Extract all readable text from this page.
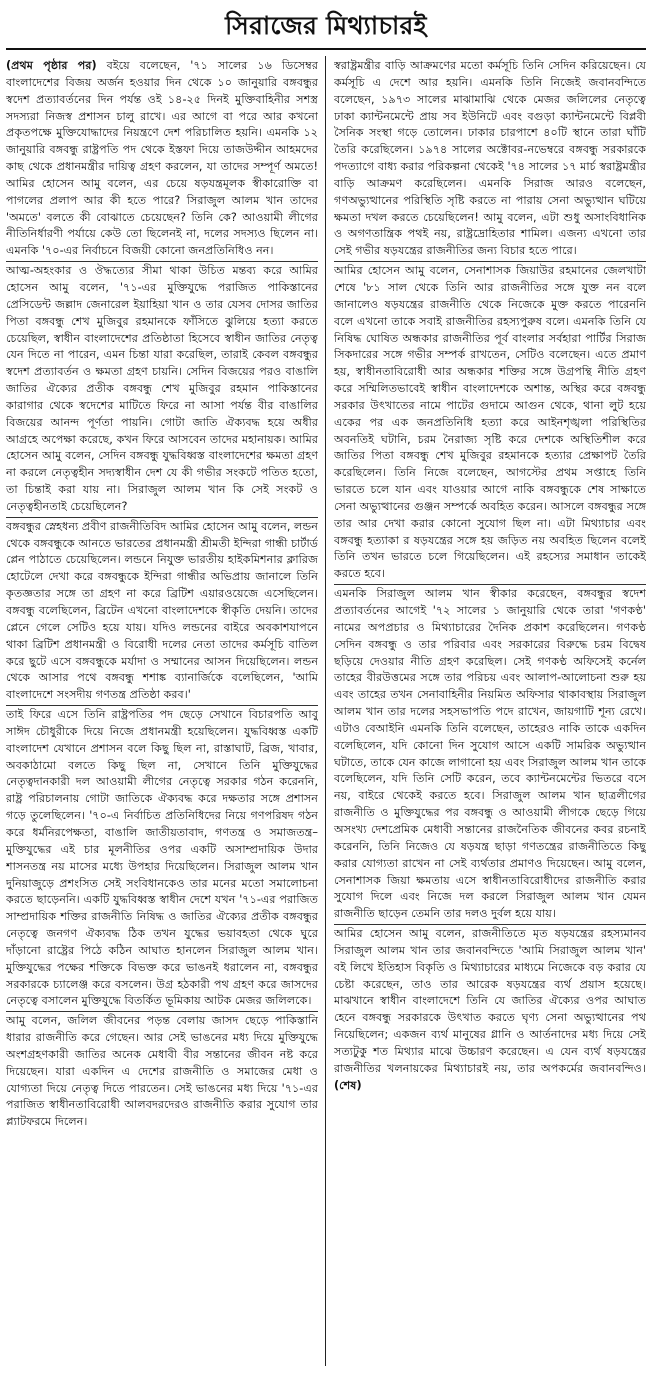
সিরাজের মিথ্যাচারই

(প্রথম পৃষ্ঠার পর) বইয়ে বলেছেন, '৭১ সালের ১৬ ডিসেম্বর বাংলাদেশের বিজয় অর্জন হওয়ার দিন থেকে ১০ জানুয়ারি বঙ্গবন্ধুর স্বদেশ প্রত্যাবর্তনের দিন পর্যন্ত ওই ১৪-২৫ দিনই মুক্তিবাহিনীর সশস্ত্র সদস্যরা নিজস্ব প্রশাসন চালু রাখে। এর আগে বা পরে আর কখনো প্রকৃতপক্ষে মুক্তিযোদ্ধাদের নিয়ন্ত্রণে দেশ পরিচালিত হয়নি। এমনকি ১২ জানুয়ারি বঙ্গবন্ধু রাষ্ট্রপতি পদ থেকে ইস্তফা দিয়ে তাজউদ্দীন আহমদের কাছ থেকে প্রধানমন্ত্রীর দায়িত্ব গ্রহণ করলেন, যা তাদের সম্পূর্ণ অমতে! আমির হোসেন আমু বলেন, এর চেয়ে ষড়যন্ত্রমূলক স্বীকারোক্তি বা পাগলের প্রলাপ আর কী হতে পারে? সিরাজুল আলম খান তাদের 'অমতে' বলতে কী বোঝাতে চেয়েছেন? তিনি কে? আওয়ামী লীগের নীতিনির্ধারণী পর্যায়ে কেউ তো ছিলেনই না, দলের সদস্যও ছিলেন না। এমনকি '৭০-এর নির্বাচনে বিজয়ী কোনো জনপ্রতিনিধিও নন।

আত্ম-অহংকার ও ঔদ্ধত্যের সীমা থাকা উচিত মন্তব্য করে আমির হোসেন আমু বলেন, '৭১-এর মুক্তিযুদ্ধে পরাজিত পাকিস্তানের প্রেসিডেন্ট জল্লাদ জেনারেল ইয়াহিয়া খান ও তার যেসব দোসর জাতির পিতা বঙ্গবন্ধু শেখ মুজিবুর রহমানকে ফাঁসিতে ঝুলিয়ে হত্যা করতে চেয়েছিল, স্বাধীন বাংলাদেশের প্রতিষ্ঠাতা হিসেবে স্বাধীন জাতির নেতৃত্ব যেন দিতে না পারেন, এমন চিন্তা যারা করেছিল, তারাই কেবল বঙ্গবন্ধুর স্বদেশ প্রত্যাবর্তন ও ক্ষমতা গ্রহণ চায়নি। সেদিন বিজয়ের পরও বাঙালি জাতির ঐক্যের প্রতীক বঙ্গবন্ধু শেখ মুজিবুর রহমান পাকিস্তানের কারাগার থেকে স্বদেশের মাটিতে ফিরে না আসা পর্যন্ত বীর বাঙালির বিজয়ের আনন্দ পূর্ণতা পায়নি। গোটা জাতি ঐক্যবদ্ধ হয়ে অধীর আগ্রহে অপেক্ষা করেছে, কখন ফিরে আসবেন তাদের মহানায়ক। আমির হোসেন আমু বলেন, সেদিন বঙ্গবন্ধু যুদ্ধবিধ্বস্ত বাংলাদেশের ক্ষমতা গ্রহণ না করলে নেতৃত্বহীন সদ্যস্বাধীন দেশ যে কী গভীর সংকটে পতিত হতো, তা চিন্তাই করা যায় না। সিরাজুল আলম খান কি সেই সংকট ও নেতৃত্বহীনতাই চেয়েছিলেন?

বঙ্গবন্ধুর স্নেহধন্য প্রবীণ রাজনীতিবিদ আমির হোসেন আমু বলেন, লন্ডন থেকে বঙ্গবন্ধুকে আনতে ভারতের প্রধানমন্ত্রী শ্রীমতী ইন্দিরা গান্ধী চার্টার্ড প্লেন পাঠাতে চেয়েছিলেন। লন্ডনে নিযুক্ত ভারতীয় হাইকমিশনার ক্লারিজ হোটেলে দেখা করে বঙ্গবন্ধুকে ইন্দিরা গান্ধীর অভিপ্রায় জানালে তিনি কৃতজ্ঞতার সঙ্গে তা গ্রহণ না করে ব্রিটিশ এয়ারওয়েজে এসেছিলেন। বঙ্গবন্ধু বলেছিলেন, ব্রিটেন এখনো বাংলাদেশকে স্বীকৃতি দেয়নি। তাদের প্লেনে গেলে সেটিও হয়ে যায়। যদিও লন্ডনের বাইরে অবকাশযাপনে থাকা ব্রিটিশ প্রধানমন্ত্রী ও বিরোধী দলের নেতা তাদের কর্মসূচি বাতিল করে ছুটে এসে বঙ্গবন্ধুকে মর্যাদা ও সম্মানের আসন দিয়েছিলেন। লন্ডন থেকে আসার পথে বঙ্গবন্ধু শশাঙ্ক ব্যানার্জিকে বলেছিলেন, 'আমি বাংলাদেশে সংসদীয় গণতন্ত্র প্রতিষ্ঠা করব।'

তাই ফিরে এসে তিনি রাষ্ট্রপতির পদ ছেড়ে সেখানে বিচারপতি আবু সাঈদ চৌধুরীকে দিয়ে নিজে প্রধানমন্ত্রী হয়েছিলেন। যুদ্ধবিধ্বস্ত একটি বাংলাদেশ যেখানে প্রশাসন বলে কিছু ছিল না, রাস্তাঘাট, ব্রিজ, খাবার, অবকাঠামো বলতে কিছু ছিল না, সেখানে তিনি মুক্তিযুদ্ধের নেতৃত্বদানকারী দল আওয়ামী লীগের নেতৃত্বে সরকার গঠন করেননি, রাষ্ট্র পরিচালনায় গোটা জাতিকে ঐক্যবদ্ধ করে দক্ষতার সঙ্গে প্রশাসন গড়ে তুলেছিলেন। '৭০-এ নির্বাচিত প্রতিনিধিদের নিয়ে গণপরিষদ গঠন করে ধর্মনিরপেক্ষতা, বাঙালি জাতীয়তাবাদ, গণতন্ত্র ও সমাজতন্ত্র– মুক্তিযুদ্ধের এই চার মূলনীতির ওপর একটি অসাম্প্রদায়িক উদার শাসনতন্ত্র নয় মাসের মধ্যে উপহার দিয়েছিলেন। সিরাজুল আলম খান দুনিয়াজুড়ে প্রশংসিত সেই সংবিধানকেও তার মনের মতো সমালোচনা করতে ছাড়েননি। একটি যুদ্ধবিধ্বস্ত স্বাধীন দেশে যখন '৭১-এর পরাজিত সাম্প্রদায়িক শক্তির রাজনীতি নিষিদ্ধ ও জাতির ঐক্যের প্রতীক বঙ্গবন্ধুর নেতৃত্বে জনগণ ঐক্যবদ্ধ ঠিক তখন যুদ্ধের ভয়াবহতা থেকে ঘুরে দাঁড়ানো রাষ্ট্রের পিঠে কঠিন আঘাত হানলেন সিরাজুল আলম খান। মুক্তিযুদ্ধের পক্ষের শক্তিকে বিভক্ত করে ভাঙনই ধরালেন না, বঙ্গবন্ধুর সরকারকে চ্যালেঞ্জ করে বসলেন। উগ্র হঠকারী পথ গ্রহণ করে জাসদের নেতৃত্বে বসালেন মুক্তিযুদ্ধে বিতর্কিত ভূমিকায় আটক মেজর জলিলকে।

আমু বলেন, জলিল জীবনের পড়ন্ত বেলায় জাসদ ছেড়ে পাকিস্তানি ধারার রাজনীতি করে গেছেন। আর সেই ভাঙনের মধ্য দিয়ে মুক্তিযুদ্ধে অংশগ্রহণকারী জাতির অনেক মেধাবী বীর সন্তানের জীবন নষ্ট করে দিয়েছেন। যারা একদিন এ দেশের রাজনীতি ও সমাজের মেধা ও যোগ্যতা দিয়ে নেতৃত্ব দিতে পারতেন। সেই ভাঙনের মধ্য দিয়ে '৭১-এর পরাজিত স্বাধীনতাবিরোধী আলবদরদেরও রাজনীতি করার সুযোগ তার প্ল্যাটফরমে দিলেন।

স্বরাষ্ট্রমন্ত্রীর বাড়ি আক্রমণের মতো কর্মসূচি তিনি সেদিন করিয়েছেন। যে কর্মসূচি এ দেশে আর হয়নি। এমনকি তিনি নিজেই জবানবন্দিতে বলেছেন, ১৯৭৩ সালের মাঝামাঝি থেকে মেজর জলিলের নেতৃত্বে ঢাকা ক্যান্টনমেন্টে প্রায় সব ইউনিটে এবং বগুড়া ক্যান্টনমেন্টে বিপ্লবী সৈনিক সংস্থা গড়ে তোলেন। ঢাকার চারপাশে ৪০টি স্থানে তারা ঘাঁটি তৈরি করেছিলেন। ১৯৭৪ সালের অক্টোবর-নভেম্বরে বঙ্গবন্ধু সরকারকে পদত্যাগে বাধ্য করার পরিকল্পনা থেকেই '৭৪ সালের ১৭ মার্চ স্বরাষ্ট্রমন্ত্রীর বাড়ি আক্রমণ করেছিলেন। এমনকি সিরাজ আরও বলেছেন, গণঅভ্যুত্থানের পরিস্থিতি সৃষ্টি করতে না পারায় সেনা অভ্যুত্থান ঘটিয়ে ক্ষমতা দখল করতে চেয়েছিলেন! আমু বলেন, এটা শুধু অসাংবিধানিক ও অগণতান্ত্রিক পথই নয়, রাষ্ট্রদ্রোহিতার শামিল। এজন্য এখনো তার সেই গভীর ষড়যন্ত্রের রাজনীতির জন্য বিচার হতে পারে।

আমির হোসেন আমু বলেন, সেনাশাসক জিয়াউর রহমানের জেলখাটা শেষে '৮১ সাল থেকে তিনি আর রাজনীতির সঙ্গে যুক্ত নন বলে জানালেও ষড়যন্ত্রের রাজনীতি থেকে নিজেকে মুক্ত করতে পারেননি বলে এখনো তাকে সবাই রাজনীতির রহস্যপুরুষ বলে। এমনকি তিনি যে নিষিদ্ধ ঘোষিত অন্ধকার রাজনীতির পূর্ব বাংলার সর্বহারা পার্টির সিরাজ সিকদারের সঙ্গে গভীর সম্পর্ক রাখতেন, সেটিও বলেছেন। এতে প্রমাণ হয়, স্বাধীনতাবিরোধী আর অন্ধকার শক্তির সঙ্গে উগ্রপন্থি নীতি গ্রহণ করে সম্মিলিতভাবেই স্বাধীন বাংলাদেশকে অশান্ত, অস্থির করে বঙ্গবন্ধু সরকার উৎখাতের নামে পাটের গুদামে আগুন থেকে, থানা লুট হয়ে একের পর এক জনপ্রতিনিধি হত্যা করে আইনশৃঙ্খলা পরিস্থিতির অবনতিই ঘটানি, চরম নৈরাজ্য সৃষ্টি করে দেশকে অস্থিতিশীল করে জাতির পিতা বঙ্গবন্ধু শেখ মুজিবুর রহমানকে হত্যার প্রেক্ষাপট তৈরি করেছিলেন। তিনি নিজে বলেছেন, আগস্টের প্রথম সপ্তাহে তিনি ভারতে চলে যান এবং যাওয়ার আগে নাকি বঙ্গবন্ধুকে শেষ সাক্ষাতে সেনা অভ্যুত্থানের গুঞ্জন সম্পর্কে অবহিত করেন। আসলে বঙ্গবন্ধুর সঙ্গে তার আর দেখা করার কোনো সুযোগ ছিল না। এটা মিথ্যাচার এবং বঙ্গবন্ধু হত্যাকা র ষড়যন্ত্রের সঙ্গে হয় জড়িত নয় অবহিত ছিলেন বলেই তিনি তখন ভারতে চলে গিয়েছিলেন। এই রহস্যের সমাধান তাকেই করতে হবে।

এমনকি সিরাজুল আলম খান স্বীকার করেছেন, বঙ্গবন্ধুর স্বদেশ প্রত্যাবর্তনের আগেই '৭২ সালের ১ জানুয়ারি থেকে তারা 'গণকণ্ঠ' নামের অপপ্রচার ও মিথ্যাচারের দৈনিক প্রকাশ করেছিলেন। গণকণ্ঠ সেদিন বঙ্গবন্ধু ও তার পরিবার এবং সরকারের বিরুদ্ধে চরম বিদ্বেষ ছড়িয়ে দেওয়ার নীতি গ্রহণ করেছিল। সেই গণকণ্ঠ অফিসেই কর্নেল তাহের বীরউত্তমের সঙ্গে তার পরিচয় এবং আলাপ-আলোচনা শুরু হয় এবং তাহের তখন সেনাবাহিনীর নিয়মিত অফিসার থাকাবস্থায় সিরাজুল আলম খান তার দলের সহসভাপতি পদে রাখেন, জায়গাটি শূন্য রেখে। এটাও বেআইনি এমনকি তিনি বলেছেন, তাহেরও নাকি তাকে একদিন বলেছিলেন, যদি কোনো দিন সুযোগ আসে একটি সামরিক অভ্যুত্থান ঘটাতে, তাকে যেন কাজে লাগানো হয় এবং সিরাজুল আলম খান তাকে বলেছিলেন, যদি তিনি সেটি করেন, তবে ক্যান্টনমেন্টের ভিতরে বসে নয়, বাইরে থেকেই করতে হবে। সিরাজুল আলম খান ছাত্রলীগের রাজনীতি ও মুক্তিযুদ্ধের পর বঙ্গবন্ধু ও আওয়ামী লীগকে ছেড়ে গিয়ে অসংখ্য দেশপ্রেমিক মেধাবী সন্তানের রাজনৈতিক জীবনের কবর রচনাই করেননি, তিনি নিজেও যে ষড়যন্ত্র ছাড়া গণতন্ত্রের রাজনীতিতে কিছু করার যোগ্যতা রাখেন না সেই ব্যর্থতার প্রমাণও দিয়েছেন। আমু বলেন, সেনাশাসক জিয়া ক্ষমতায় এসে স্বাধীনতাবিরোধীদের রাজনীতি করার সুযোগ দিলে এবং নিজে দল করলে সিরাজুল আলম খান যেমন রাজনীতি ছাড়েন তেমনি তার দলও দুর্বল হয়ে যায়।

আমির হোসেন আমু বলেন, রাজনীতিতে মৃত ষড়যন্ত্রের রহস্যমানব সিরাজুল আলম খান তার জবানবন্দিতে 'আমি সিরাজুল আলম খান' বই লিখে ইতিহাস বিকৃতি ও মিথ্যাচারের মাধ্যমে নিজেকে বড় করার যে চেষ্টা করেছেন, তাও তার আরেক ষড়যন্ত্রের ব্যর্থ প্রয়াস হয়েছে। মাঝখানে স্বাধীন বাংলাদেশে তিনি যে জাতির ঐক্যের ওপর আঘাত হেনে বঙ্গবন্ধু সরকারকে উৎখাত করতে ঘৃণ্য সেনা অভ্যুত্থানের পথ নিয়েছিলেন; একজন ব্যর্থ মানুষের গ্লানি ও আর্তনাদের মধ্য দিয়ে সেই সত্যটুকু শত মিথ্যার মাঝে উচ্চারণ করেছেন। এ যেন ব্যর্থ ষড়যন্ত্রের রাজনীতির খলনায়কের মিথ্যাচারই নয়, তার অপকর্মের জবানবন্দিও। (শেষ)
